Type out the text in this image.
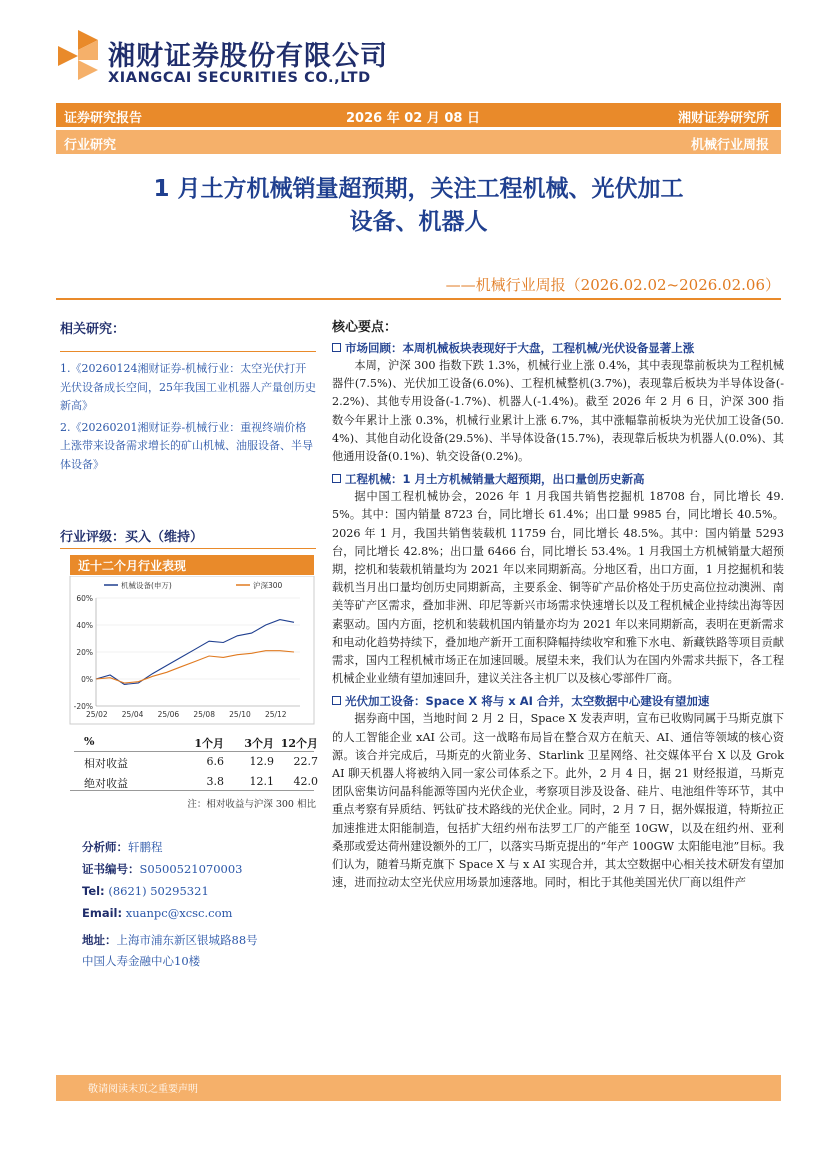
湘财证券股份有限公司
XIANGCAI SECURITIES CO.,LTD
证券研究报告	2026 年 02 月 08 日	湘财证券研究所
行业研究	机械行业周报
1 月土方机械销量超预期，关注工程机械、光伏加工
设备、机器人
——机械行业周报（2026.02.02~2026.02.06）
相关研究：
1.《20260124湘财证券-机械行业：太空光伏打开光伏设备成长空间，25年我国工业机器人产量创历史新高》
2.《20260201湘财证券-机械行业：重视终端价格上涨带来设备需求增长的矿山机械、油服设备、半导体设备》
行业评级：买入（维持）
近十二个月行业表现
机械设备(申万)	沪深300
60%
40%
20%
0%
-20%
25/02 25/04 25/06 25/08 25/10 25/12
%	1个月	3个月 12个月
相对收益	6.6	12.9	22.7
绝对收益	3.8	12.1	42.0
注：相对收益与沪深 300 相比
分析师：轩鹏程
证书编号：S0500521070003
Tel: (8621) 50295321
Email: xuanpc@xcsc.com
地址：上海市浦东新区银城路88号
中国人寿金融中心10楼
核心要点：
市场回顾：本周机械板块表现好于大盘，工程机械/光伏设备显著上涨
本周，沪深 300 指数下跌 1.3%，机械行业上涨 0.4%，其中表现靠前板块为工程机械器件(7.5%)、光伏加工设备(6.0%)、工程机械整机(3.7%)，表现靠后板块为半导体设备(-2.2%)、其他专用设备(-1.7%)、机器人(-1.4%)。截至 2026 年 2 月 6 日，沪深 300 指数今年累计上涨 0.3%，机械行业累计上涨 6.7%，其中涨幅靠前板块为光伏加工设备(50.4%)、其他自动化设备(29.5%)、半导体设备(15.7%)，表现靠后板块为机器人(0.0%)、其他通用设备(0.1%)、轨交设备(0.2%)。
工程机械：1 月土方机械销量大超预期，出口量创历史新高
据中国工程机械协会，2026 年 1 月我国共销售挖掘机 18708 台，同比增长 49.5%。其中：国内销量 8723 台，同比增长 61.4%；出口量 9985 台，同比增长 40.5%。2026 年 1 月，我国共销售装载机 11759 台，同比增长 48.5%。其中：国内销量 5293 台，同比增长 42.8%；出口量 6466 台，同比增长 53.4%。1 月我国土方机械销量大超预期，挖机和装载机销量均为 2021 年以来同期新高。分地区看，出口方面，1 月挖掘机和装载机当月出口量均创历史同期新高，主要系金、铜等矿产品价格处于历史高位拉动澳洲、南美等矿产区需求，叠加非洲、印尼等新兴市场需求快速增长以及工程机械企业持续出海等因素驱动。国内方面，挖机和装载机国内销量亦均为 2021 年以来同期新高，表明在更新需求和电动化趋势持续下，叠加地产新开工面积降幅持续收窄和雅下水电、新藏铁路等项目贡献需求，国内工程机械市场正在加速回暖。展望未来，我们认为在国内外需求共振下，各工程机械企业业绩有望加速回升，建议关注各主机厂以及核心零部件厂商。
光伏加工设备：Space X 将与 x AI 合并，太空数据中心建设有望加速
据券商中国，当地时间 2 月 2 日，Space X 发表声明，宣布已收购同属于马斯克旗下的人工智能企业 xAI 公司。这一战略布局旨在整合双方在航天、AI、通信等领域的核心资源。该合并完成后，马斯克的火箭业务、Starlink 卫星网络、社交媒体平台 X 以及 Grok AI 聊天机器人将被纳入同一家公司体系之下。此外，2 月 4 日，据 21 财经报道，马斯克团队密集访问晶科能源等国内光伏企业，考察项目涉及设备、硅片、电池组件等环节，其中重点考察有异质结、钙钛矿技术路线的光伏企业。同时，2 月 7 日，据外媒报道，特斯拉正加速推进太阳能制造，包括扩大纽约州布法罗工厂的产能至 10GW，以及在纽约州、亚利桑那或爱达荷州建设额外的工厂，以落实马斯克提出的“年产 100GW 太阳能电池”目标。我们认为，随着马斯克旗下 Space X 与 x AI 实现合并，其太空数据中心相关技术研发有望加速，进而拉动太空光伏应用场景加速落地。同时，相比于其他美国光伏厂商以组件产
敬请阅读末页之重要声明
